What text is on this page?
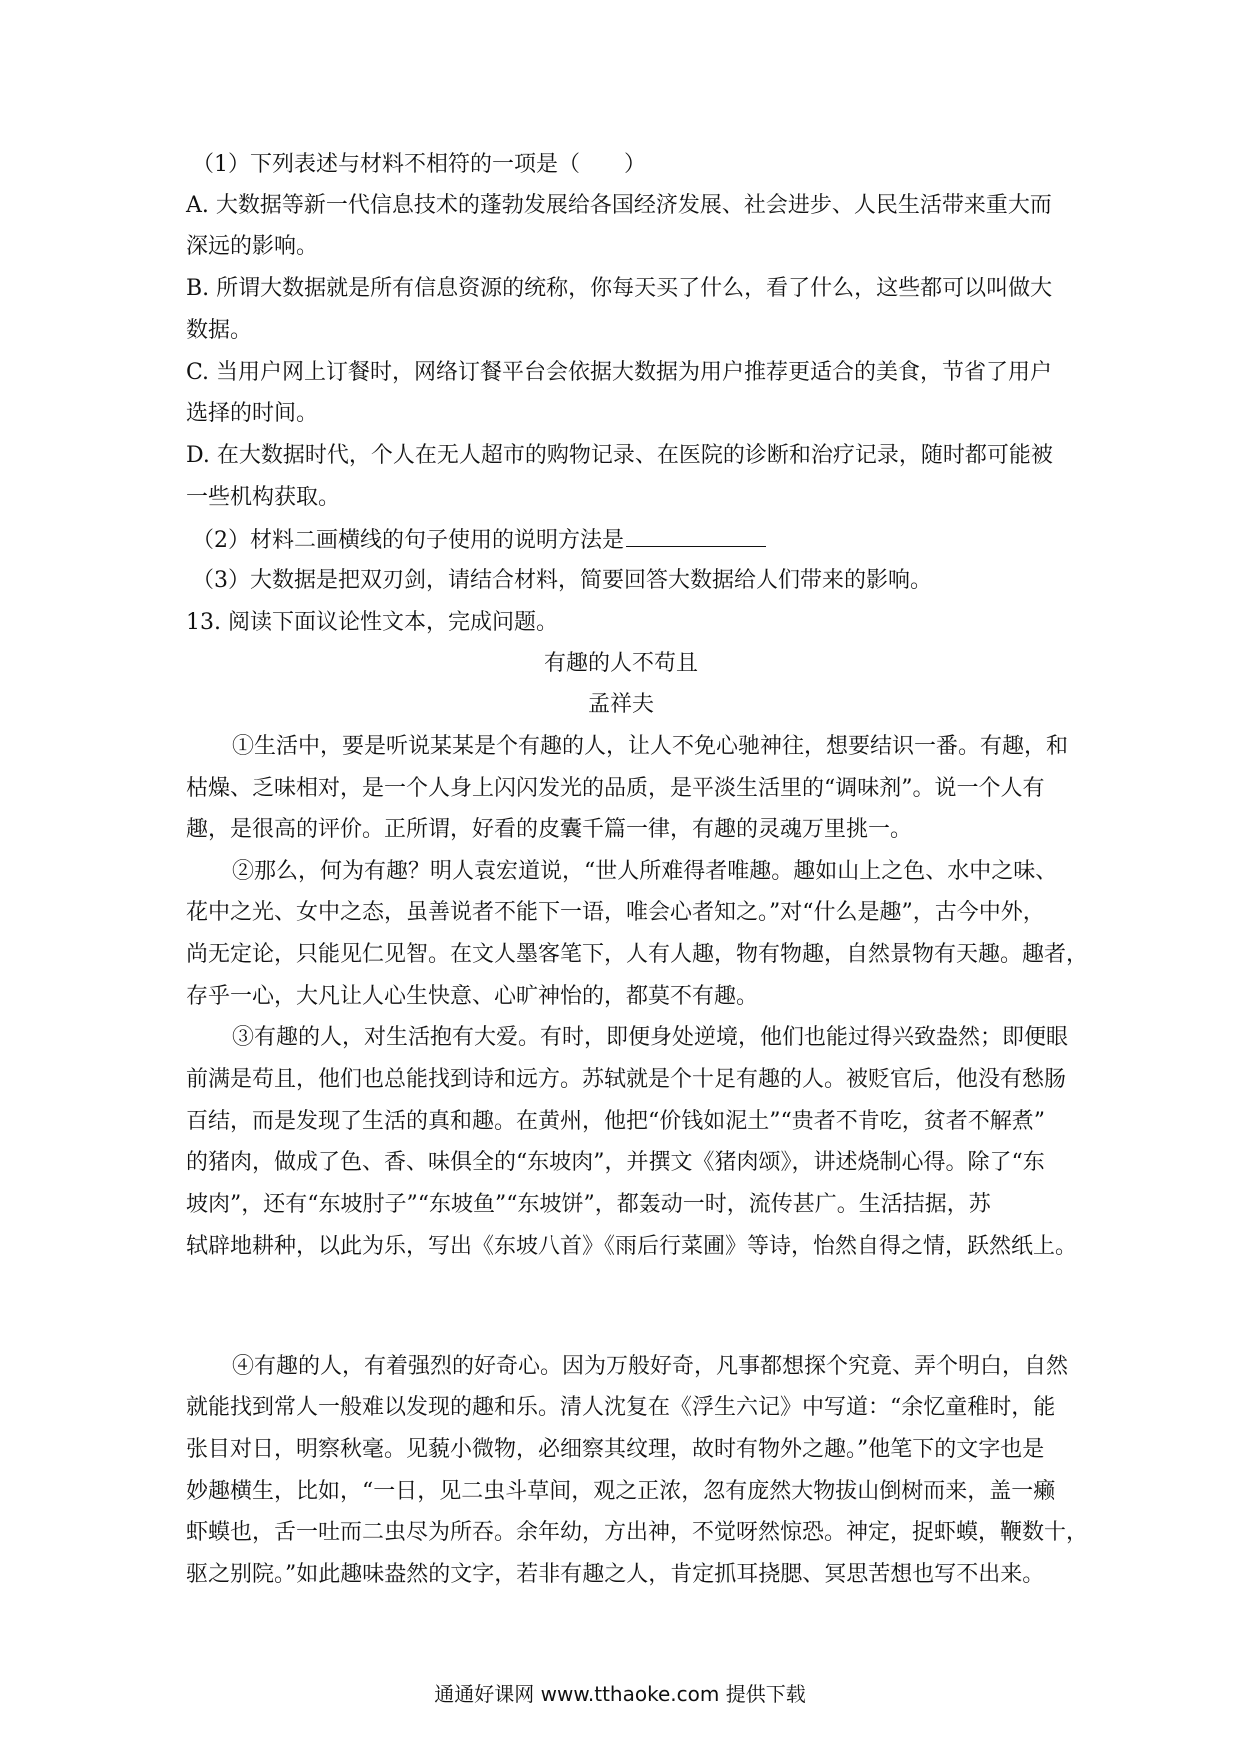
（1）下列表述与材料不相符的一项是（　　）
A. 大数据等新一代信息技术的蓬勃发展给各国经济发展、社会进步、人民生活带来重大而
深远的影响。
B. 所谓大数据就是所有信息资源的统称，你每天买了什么，看了什么，这些都可以叫做大
数据。
C. 当用户网上订餐时，网络订餐平台会依据大数据为用户推荐更适合的美食，节省了用户
选择的时间。
D. 在大数据时代，个人在无人超市的购物记录、在医院的诊断和治疗记录，随时都可能被
一些机构获取。
（2）材料二画横线的句子使用的说明方法是
（3）大数据是把双刃剑，请结合材料，简要回答大数据给人们带来的影响。
13. 阅读下面议论性文本，完成问题。
有趣的人不苟且
孟祥夫
①生活中，要是听说某某是个有趣的人，让人不免心驰神往，想要结识一番。有趣，和
枯燥、乏味相对，是一个人身上闪闪发光的品质，是平淡生活里的“调味剂”。说一个人有
趣，是很高的评价。正所谓，好看的皮囊千篇一律，有趣的灵魂万里挑一。
②那么，何为有趣？明人袁宏道说，“世人所难得者唯趣。趣如山上之色、水中之味、
花中之光、女中之态，虽善说者不能下一语，唯会心者知之。”对“什么是趣”，古今中外，
尚无定论，只能见仁见智。在文人墨客笔下，人有人趣，物有物趣，自然景物有天趣。趣者，
存乎一心，大凡让人心生快意、心旷神怡的，都莫不有趣。
③有趣的人，对生活抱有大爱。有时，即便身处逆境，他们也能过得兴致盎然；即便眼
前满是苟且，他们也总能找到诗和远方。苏轼就是个十足有趣的人。被贬官后，他没有愁肠
百结，而是发现了生活的真和趣。在黄州，他把“价钱如泥土”“贵者不肯吃，贫者不解煮”
的猪肉，做成了色、香、味俱全的“东坡肉”，并撰文《猪肉颂》，讲述烧制心得。除了“东
坡肉”，还有“东坡肘子”“东坡鱼”“东坡饼”，都轰动一时，流传甚广。生活拮据，苏
轼辟地耕种，以此为乐，写出《东坡八首》《雨后行菜圃》等诗，怡然自得之情，跃然纸上。
④有趣的人，有着强烈的好奇心。因为万般好奇，凡事都想探个究竟、弄个明白，自然
就能找到常人一般难以发现的趣和乐。清人沈复在《浮生六记》中写道：“余忆童稚时，能
张目对日，明察秋毫。见藐小微物，必细察其纹理，故时有物外之趣。”他笔下的文字也是
妙趣横生，比如，“一日，见二虫斗草间，观之正浓，忽有庞然大物拔山倒树而来，盖一癞
虾蟆也，舌一吐而二虫尽为所吞。余年幼，方出神，不觉呀然惊恐。神定，捉虾蟆，鞭数十，
驱之别院。”如此趣味盎然的文字，若非有趣之人，肯定抓耳挠腮、冥思苦想也写不出来。
通通好课网 www.tthaoke.com 提供下载
